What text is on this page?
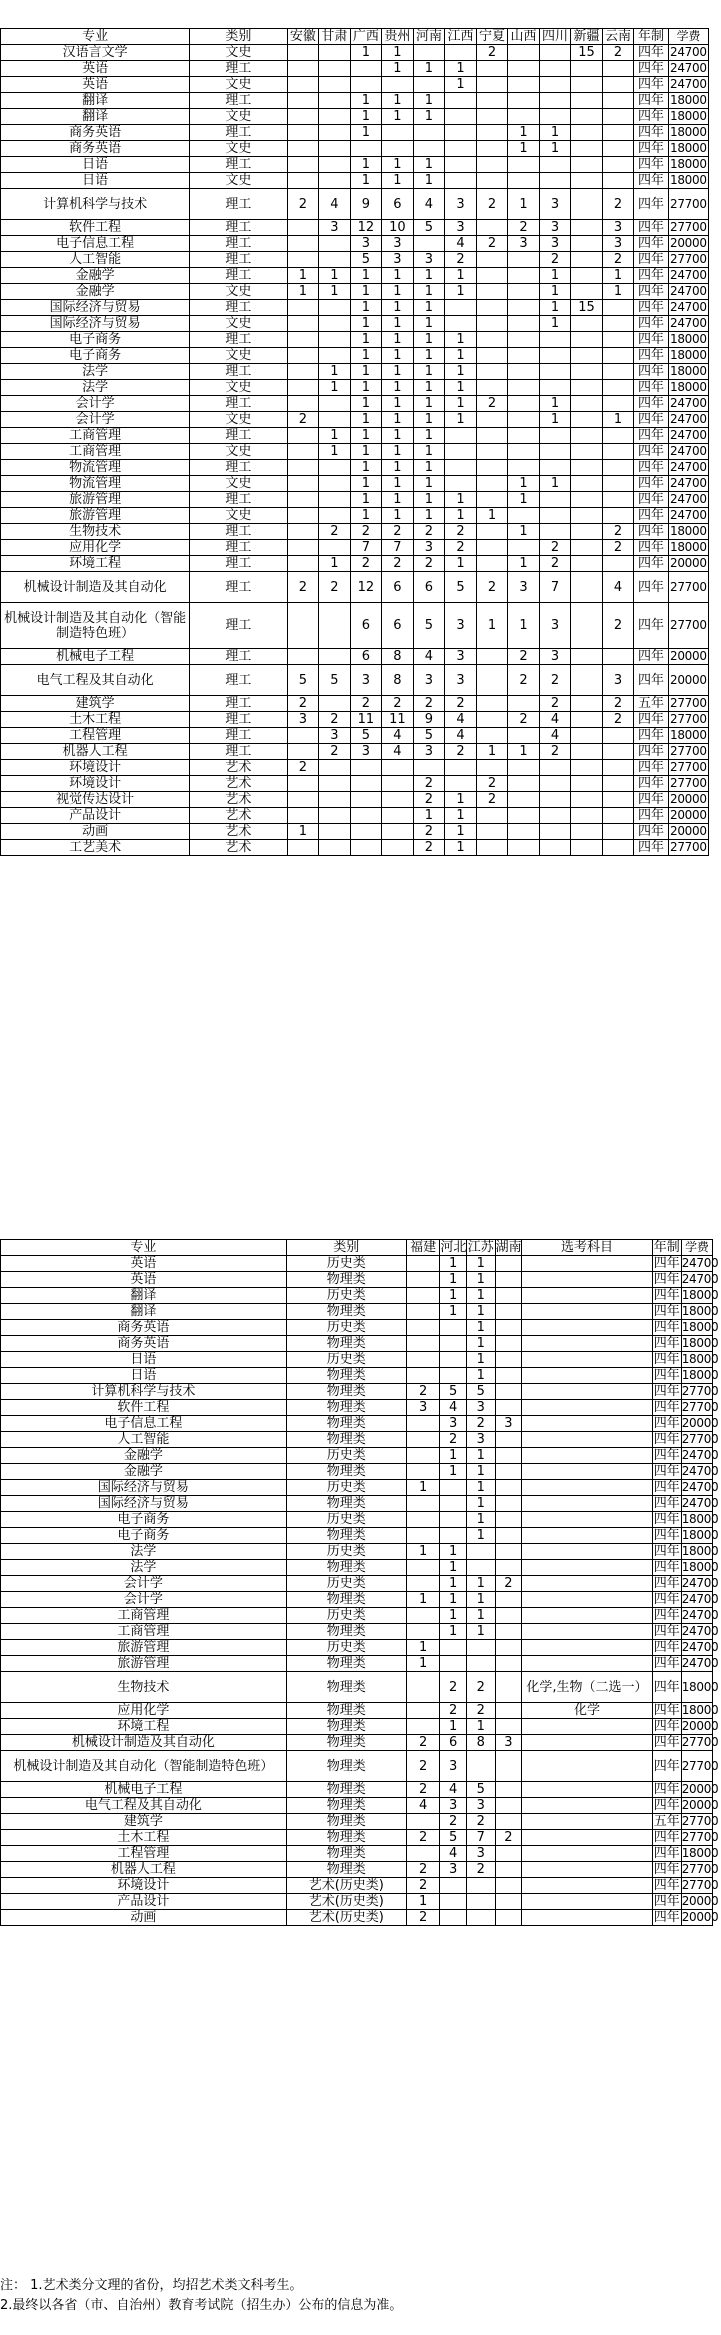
专业	类别	安徽	甘肃	广西	贵州	河南	江西	宁夏	山西	四川	新疆	云南	年制	学费
汉语言文学	文史			1	1			2			15	2	四年	24700
英语	理工				1	1	1						四年	24700
英语	文史						1						四年	24700
翻译	理工			1	1	1							四年	18000
翻译	文史			1	1	1							四年	18000
商务英语	理工			1					1	1			四年	18000
商务英语	文史								1	1			四年	18000
日语	理工			1	1	1							四年	18000
日语	文史			1	1	1							四年	18000
计算机科学与技术	理工	2	4	9	6	4	3	2	1	3		2	四年	27700
软件工程	理工		3	12	10	5	3		2	3		3	四年	27700
电子信息工程	理工			3	3		4	2	3	3		3	四年	20000
人工智能	理工			5	3	3	2			2		2	四年	27700
金融学	理工	1	1	1	1	1	1			1		1	四年	24700
金融学	文史	1	1	1	1	1	1			1		1	四年	24700
国际经济与贸易	理工			1	1	1				1	15		四年	24700
国际经济与贸易	文史			1	1	1				1			四年	24700
电子商务	理工			1	1	1	1						四年	18000
电子商务	文史			1	1	1	1						四年	18000
法学	理工		1	1	1	1	1						四年	18000
法学	文史		1	1	1	1	1						四年	18000
会计学	理工			1	1	1	1	2		1			四年	24700
会计学	文史	2		1	1	1	1			1		1	四年	24700
工商管理	理工		1	1	1	1							四年	24700
工商管理	文史		1	1	1	1							四年	24700
物流管理	理工			1	1	1							四年	24700
物流管理	文史			1	1	1			1	1			四年	24700
旅游管理	理工			1	1	1	1		1				四年	24700
旅游管理	文史			1	1	1	1	1					四年	24700
生物技术	理工		2	2	2	2	2		1			2	四年	18000
应用化学	理工			7	7	3	2			2		2	四年	18000
环境工程	理工		1	2	2	2	1		1	2			四年	20000
机械设计制造及其自动化	理工	2	2	12	6	6	5	2	3	7		4	四年	27700
机械设计制造及其自动化（智能制造特色班）	理工			6	6	5	3	1	1	3		2	四年	27700
机械电子工程	理工			6	8	4	3		2	3			四年	20000
电气工程及其自动化	理工	5	5	3	8	3	3		2	2		3	四年	20000
建筑学	理工	2		2	2	2	2			2		2	五年	27700
土木工程	理工	3	2	11	11	9	4		2	4		2	四年	27700
工程管理	理工		3	5	4	5	4			4			四年	18000
机器人工程	理工		2	3	4	3	2	1	1	2			四年	27700
环境设计	艺术	2											四年	27700
环境设计	艺术					2		2					四年	27700
视觉传达设计	艺术					2	1	2					四年	20000
产品设计	艺术					1	1						四年	20000
动画	艺术	1				2	1						四年	20000
工艺美术	艺术					2	1						四年	27700
专业	类别	福建	河北	江苏	湖南	选考科目	年制	学费
英语	历史类		1	1			四年	24700
英语	物理类		1	1			四年	24700
翻译	历史类		1	1			四年	18000
翻译	物理类		1	1			四年	18000
商务英语	历史类			1			四年	18000
商务英语	物理类			1			四年	18000
日语	历史类			1			四年	18000
日语	物理类			1			四年	18000
计算机科学与技术	物理类	2	5	5			四年	27700
软件工程	物理类	3	4	3			四年	27700
电子信息工程	物理类		3	2	3		四年	20000
人工智能	物理类		2	3			四年	27700
金融学	历史类		1	1			四年	24700
金融学	物理类		1	1			四年	24700
国际经济与贸易	历史类	1		1			四年	24700
国际经济与贸易	物理类			1			四年	24700
电子商务	历史类			1			四年	18000
电子商务	物理类			1			四年	18000
法学	历史类	1	1				四年	18000
法学	物理类		1				四年	18000
会计学	历史类		1	1	2		四年	24700
会计学	物理类	1	1	1			四年	24700
工商管理	历史类		1	1			四年	24700
工商管理	物理类		1	1			四年	24700
旅游管理	历史类	1					四年	24700
旅游管理	物理类	1					四年	24700
生物技术	物理类		2	2		化学,生物（二选一）	四年	18000
应用化学	物理类		2	2		化学	四年	18000
环境工程	物理类		1	1			四年	20000
机械设计制造及其自动化	物理类	2	6	8	3		四年	27700
机械设计制造及其自动化（智能制造特色班）	物理类	2	3				四年	27700
机械电子工程	物理类	2	4	5			四年	20000
电气工程及其自动化	物理类	4	3	3			四年	20000
建筑学	物理类		2	2			五年	27700
土木工程	物理类	2	5	7	2		四年	27700
工程管理	物理类		4	3			四年	18000
机器人工程	物理类	2	3	2			四年	27700
环境设计	艺术(历史类)	2					四年	27700
产品设计	艺术(历史类)	1					四年	20000
动画	艺术(历史类)	2					四年	20000
注： 1.艺术类分文理的省份，均招艺术类文科考生。
2.最终以各省（市、自治州）教育考试院（招生办）公布的信息为准。
